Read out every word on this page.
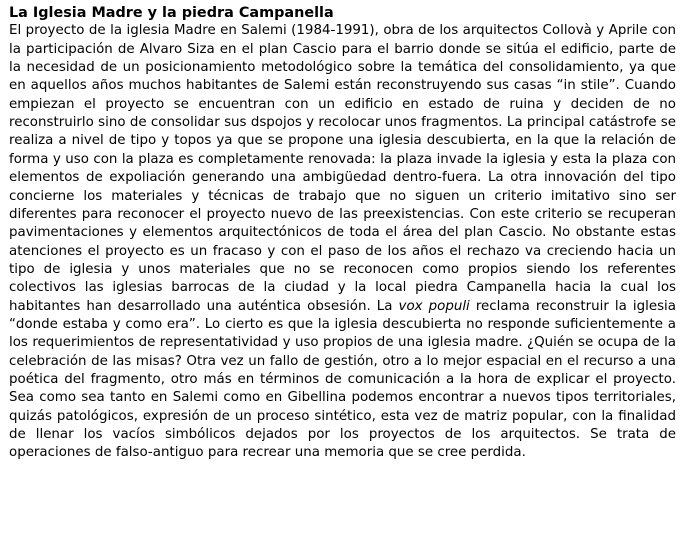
La Iglesia Madre y la piedra Campanella

El proyecto de la iglesia Madre en Salemi (1984-1991), obra de los arquitectos Collovà y Aprile con la participación de Alvaro Siza en el plan Cascio para el barrio donde se sitúa el edificio, parte de la necesidad de un posicionamiento metodológico sobre la temática del consolidamiento, ya que en aquellos años muchos habitantes de Salemi están reconstruyendo sus casas “in stile”. Cuando empiezan el proyecto se encuentran con un edificio en estado de ruina y deciden de no reconstruirlo sino de consolidar sus dspojos y recolocar unos fragmentos. La principal catástrofe se realiza a nivel de tipo y topos ya que se propone una iglesia descubierta, en la que la relación de forma y uso con la plaza es completamente renovada: la plaza invade la iglesia y esta la plaza con elementos de expoliación generando una ambigüedad dentro-fuera. La otra innovación del tipo concierne los materiales y técnicas de trabajo que no siguen un criterio imitativo sino ser diferentes para reconocer el proyecto nuevo de las preexistencias. Con este criterio se recuperan pavimentaciones y elementos arquitectónicos de toda el área del plan Cascio. No obstante estas atenciones el proyecto es un fracaso y con el paso de los años el rechazo va creciendo hacia un tipo de iglesia y unos materiales que no se reconocen como propios siendo los referentes colectivos las iglesias barrocas de la ciudad y la local piedra Campanella hacia la cual los habitantes han desarrollado una auténtica obsesión. La vox populi reclama reconstruir la iglesia “donde estaba y como era”. Lo cierto es que la iglesia descubierta no responde suficientemente a los requerimientos de representatividad y uso propios de una iglesia madre. ¿Quién se ocupa de la celebración de las misas? Otra vez un fallo de gestión, otro a lo mejor espacial en el recurso a una poética del fragmento, otro más en términos de comunicación a la hora de explicar el proyecto. Sea como sea tanto en Salemi como en Gibellina podemos encontrar a nuevos tipos territoriales, quizás patológicos, expresión de un proceso sintético, esta vez de matriz popular, con la finalidad de llenar los vacíos simbólicos dejados por los proyectos de los arquitectos. Se trata de operaciones de falso-antiguo para recrear una memoria que se cree perdida.
